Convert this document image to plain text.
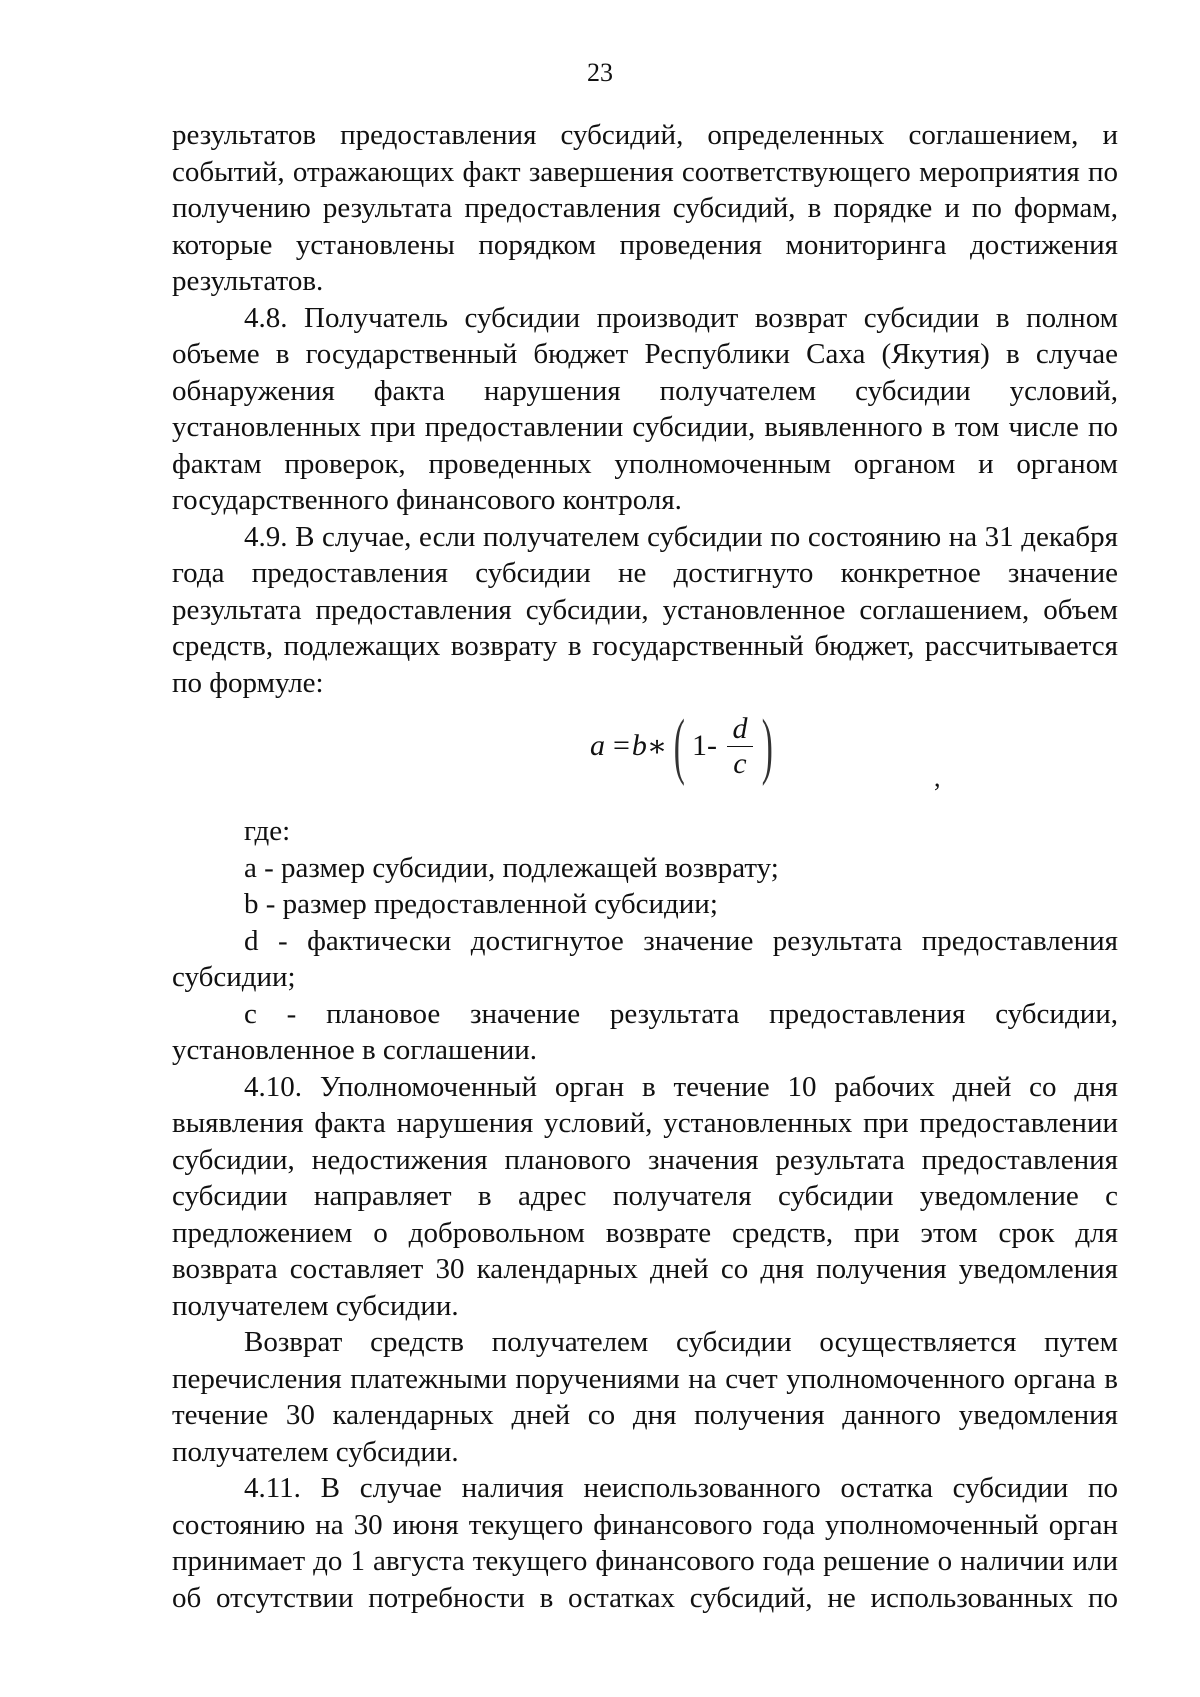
23

результатов предоставления субсидий, определенных соглашением, и событий, отражающих факт завершения соответствующего мероприятия по получению результата предоставления субсидий, в порядке и по формам, которые установлены порядком проведения мониторинга достижения результатов.

4.8. Получатель субсидии производит возврат субсидии в полном объеме в государственный бюджет Республики Саха (Якутия) в случае обнаружения факта нарушения получателем субсидии условий, установленных при предоставлении субсидии, выявленного в том числе по фактам проверок, проведенных уполномоченным органом и органом государственного финансового контроля.

4.9. В случае, если получателем субсидии по состоянию на 31 декабря года предоставления субсидии не достигнуто конкретное значение результата предоставления субсидии, установленное соглашением, объем средств, подлежащих возврату в государственный бюджет, рассчитывается по формуле:

a = b ∗ ( $1 - \frac{d}{c}$ )	,

где:

a - размер субсидии, подлежащей возврату;

b - размер предоставленной субсидии;

d - фактически достигнутое значение результата предоставления субсидии;

c - плановое значение результата предоставления субсидии, установленное в соглашении.

4.10. Уполномоченный орган в течение 10 рабочих дней со дня выявления факта нарушения условий, установленных при предоставлении субсидии, недостижения планового значения результата предоставления субсидии направляет в адрес получателя субсидии уведомление с предложением о добровольном возврате средств, при этом срок для возврата составляет 30 календарных дней со дня получения уведомления получателем субсидии.

Возврат средств получателем субсидии осуществляется путем перечисления платежными поручениями на счет уполномоченного органа в течение 30 календарных дней со дня получения данного уведомления получателем субсидии.

4.11. В случае наличия неиспользованного остатка субсидии по состоянию на 30 июня текущего финансового года уполномоченный орган принимает до 1 августа текущего финансового года решение о наличии или об отсутствии потребности в остатках субсидий, не использованных по
